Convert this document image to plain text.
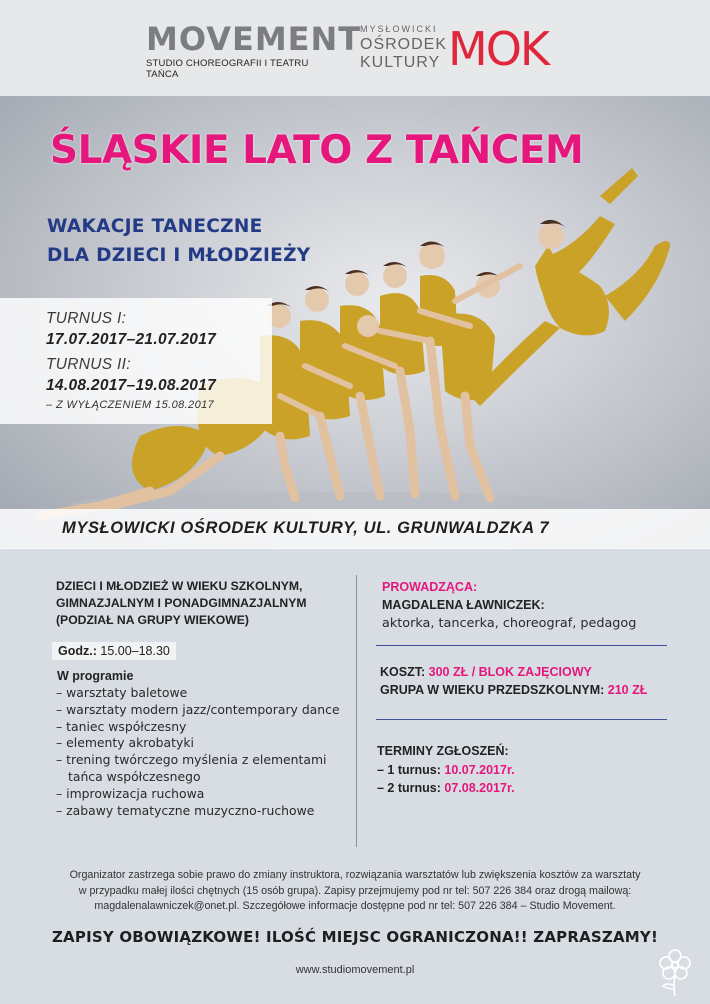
MOVEMENT
STUDIO CHOREOGRAFII I TEATRU TAŃCA
MYSŁOWICKI
OŚRODEK
KULTURY MOK
ŚLĄSKIE LATO Z TAŃCEM
WAKACJE TANECZNE
DLA DZIECI I MŁODZIEŻY
TURNUS I:
17.07.2017–21.07.2017
TURNUS II:
14.08.2017–19.08.2017
– Z WYŁĄCZENIEM 15.08.2017
MYSŁOWICKI OŚRODEK KULTURY, UL. GRUNWALDZKA 7
DZIECI I MŁODZIEŻ W WIEKU SZKOLNYM,
GIMNAZJALNYM I PONADGIMNAZJALNYM
(PODZIAŁ NA GRUPY WIEKOWE)
Godz.: 15.00–18.30
W programie
– warsztaty baletowe
– warsztaty modern jazz/contemporary dance
– taniec współczesny
– elementy akrobatyki
– trening twórczego myślenia z elementami tańca współczesnego
– improwizacja ruchowa
– zabawy tematyczne muzyczno-ruchowe
PROWADZĄCA:
MAGDALENA ŁAWNICZEK:
aktorka, tancerka, choreograf, pedagog
KOSZT: 300 ZŁ / BLOK ZAJĘCIOWY
GRUPA W WIEKU PRZEDSZKOLNYM: 210 ZŁ
TERMINY ZGŁOSZEŃ:
– 1 turnus: 10.07.2017r.
– 2 turnus: 07.08.2017r.
Organizator zastrzega sobie prawo do zmiany instruktora, rozwiązania warsztatów lub zwiększenia kosztów za warsztaty
w przypadku małej ilości chętnych (15 osób grupa). Zapisy przejmujemy pod nr tel: 507 226 384 oraz drogą mailową:
magdalenalawniczek@onet.pl. Szczegółowe informacje dostępne pod nr tel: 507 226 384 – Studio Movement.
ZAPISY OBOWIĄZKOWE! ILOŚĆ MIEJSC OGRANICZONA!! ZAPRASZAMY!
www.studiomovement.pl
